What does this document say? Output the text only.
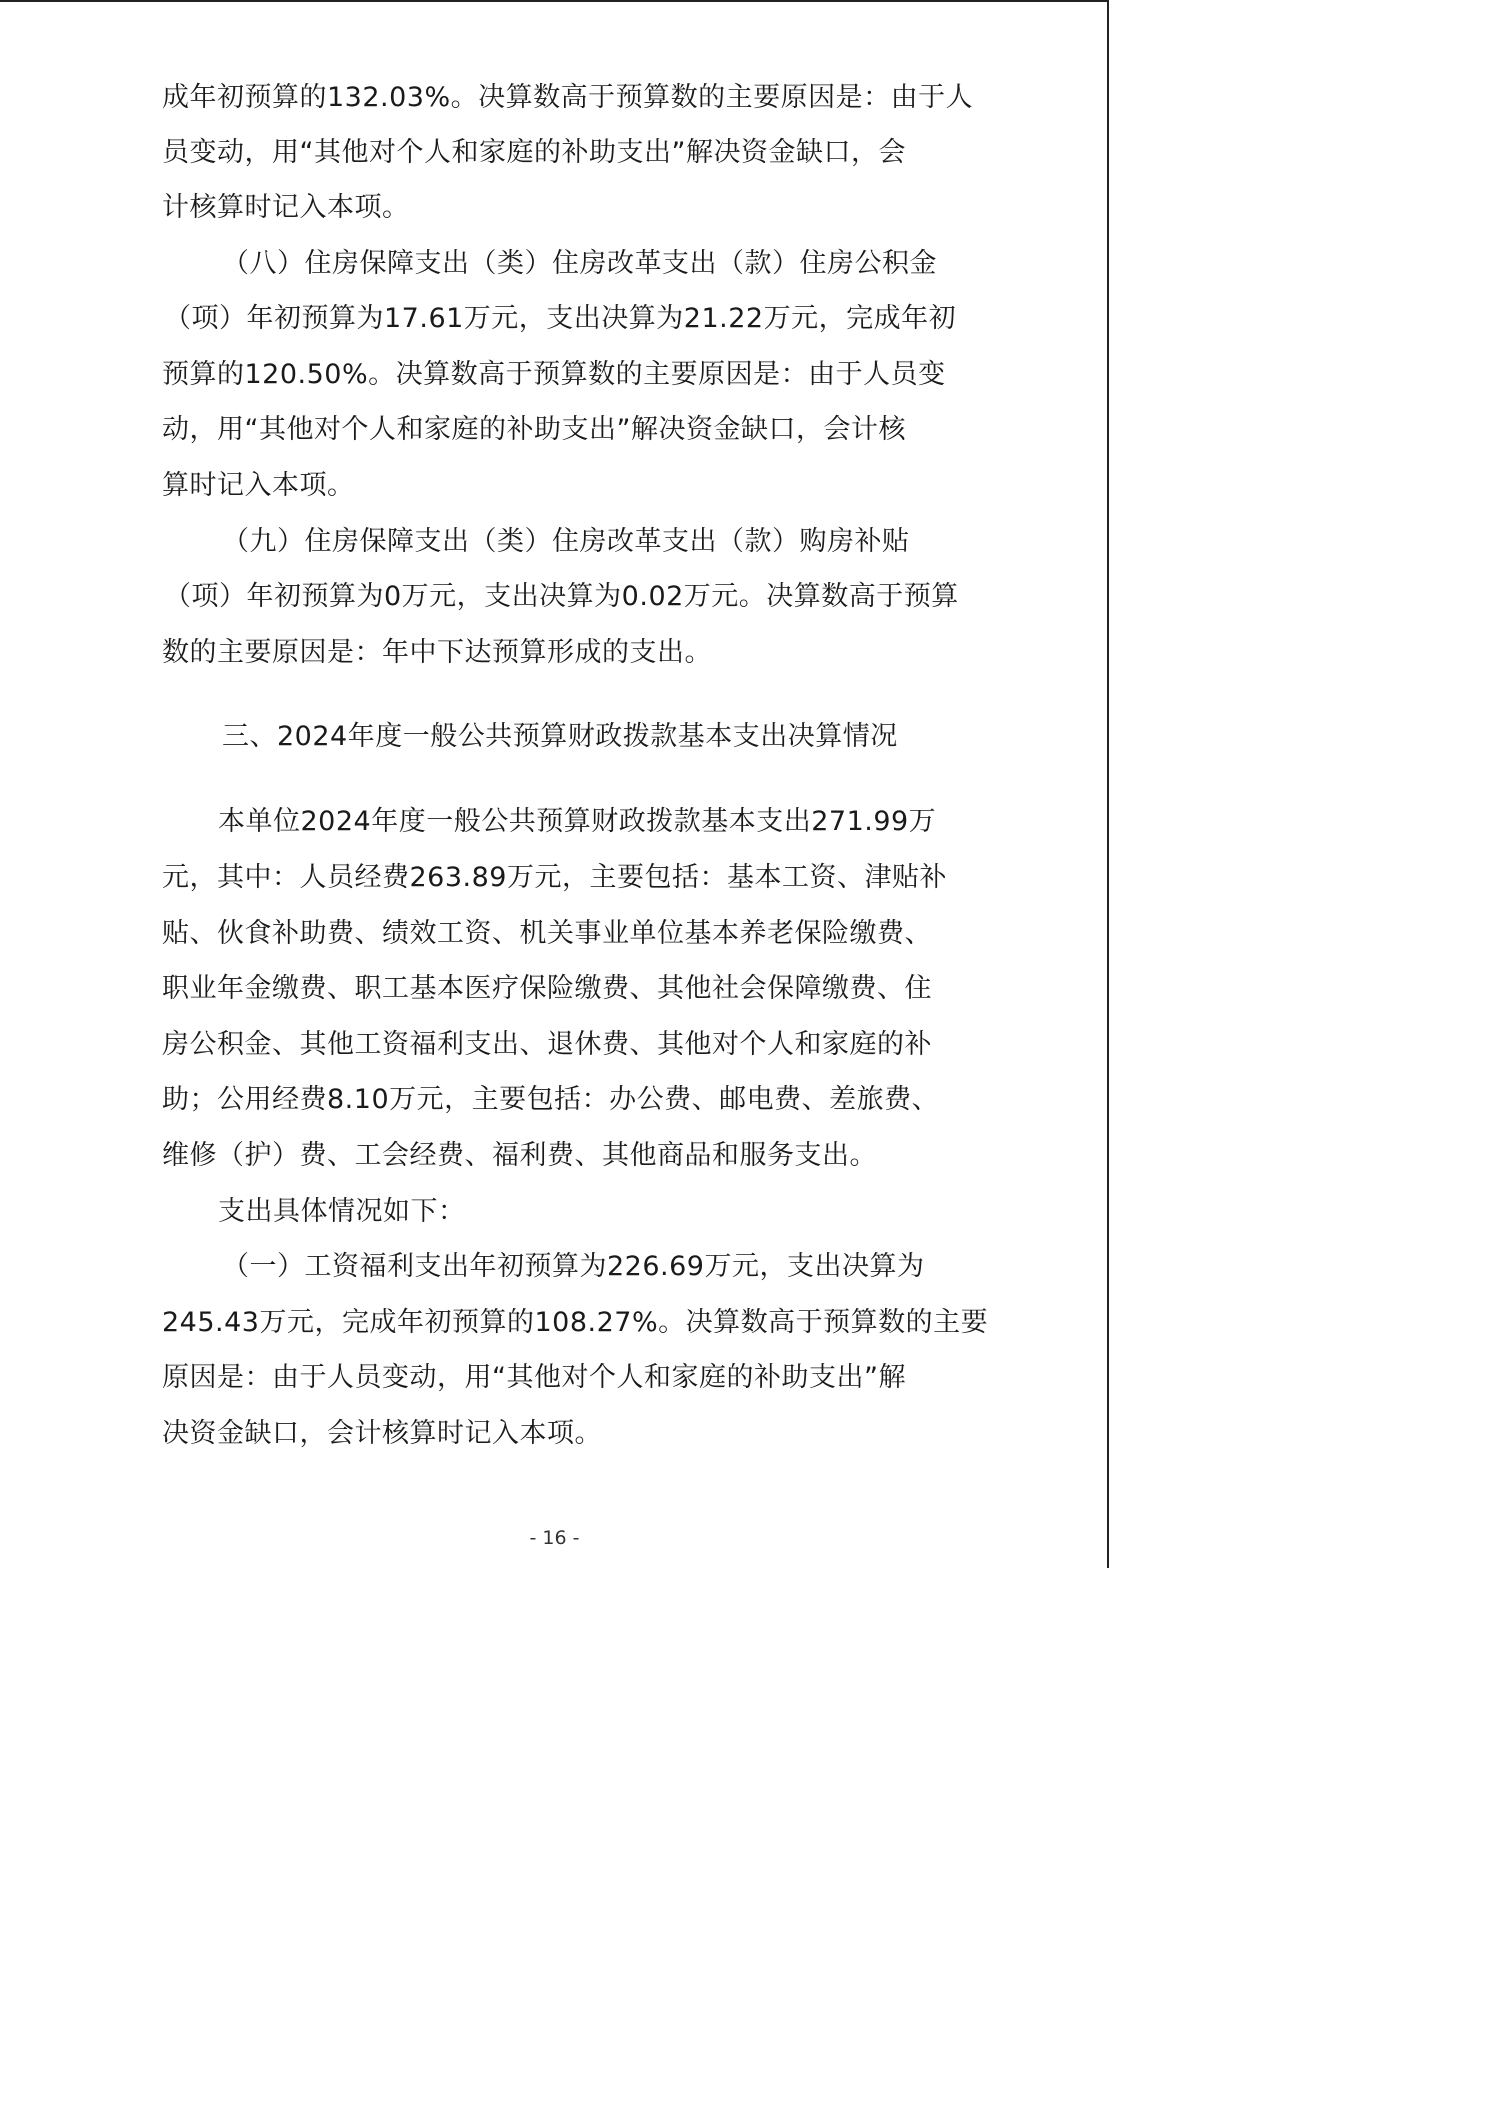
成年初预算的132.03%。决算数高于预算数的主要原因是：由于人
员变动，用“其他对个人和家庭的补助支出”解决资金缺口，会
计核算时记入本项。
（八）住房保障支出（类）住房改革支出（款）住房公积金
（项）年初预算为17.61万元，支出决算为21.22万元，完成年初
预算的120.50%。决算数高于预算数的主要原因是：由于人员变
动，用“其他对个人和家庭的补助支出”解决资金缺口，会计核
算时记入本项。
（九）住房保障支出（类）住房改革支出（款）购房补贴
（项）年初预算为0万元，支出决算为0.02万元。决算数高于预算
数的主要原因是：年中下达预算形成的支出。
三、2024年度一般公共预算财政拨款基本支出决算情况
本单位2024年度一般公共预算财政拨款基本支出271.99万
元，其中：人员经费263.89万元，主要包括：基本工资、津贴补
贴、伙食补助费、绩效工资、机关事业单位基本养老保险缴费、
职业年金缴费、职工基本医疗保险缴费、其他社会保障缴费、住
房公积金、其他工资福利支出、退休费、其他对个人和家庭的补
助；公用经费8.10万元，主要包括：办公费、邮电费、差旅费、
维修（护）费、工会经费、福利费、其他商品和服务支出。
支出具体情况如下：
（一）工资福利支出年初预算为226.69万元，支出决算为
245.43万元，完成年初预算的108.27%。决算数高于预算数的主要
原因是：由于人员变动，用“其他对个人和家庭的补助支出”解
决资金缺口，会计核算时记入本项。
- 16 -
